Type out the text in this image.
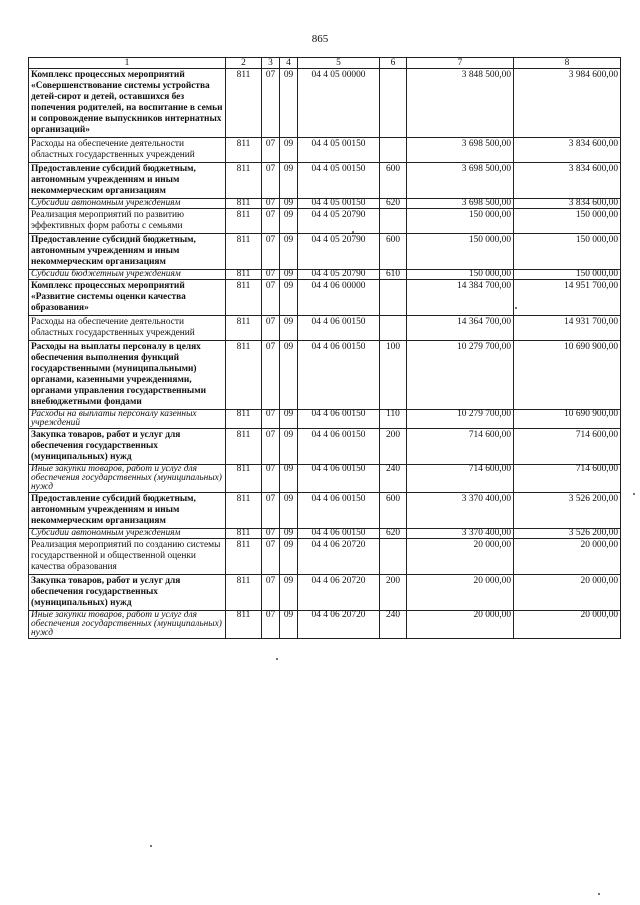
865
1	2	3	4	5	6	7	8
Комплекс процессных мероприятий «Совершенствование системы устройства детей-сирот и детей, оставшихся без попечения родителей, на воспитание в семьи и сопровождение выпускников интернатных организаций»	811	07	09	04 4 05 00000		3 848 500,00	3 984 600,00
Расходы на обеспечение деятельности областных государственных учреждений	811	07	09	04 4 05 00150		3 698 500,00	3 834 600,00
Предоставление субсидий бюджетным, автономным учреждениям и иным некоммерческим организациям	811	07	09	04 4 05 00150	600	3 698 500,00	3 834 600,00
Субсидии автономным учреждениям	811	07	09	04 4 05 00150	620	3 698 500,00	3 834 600,00
Реализация мероприятий по развитию эффективных форм работы с семьями	811	07	09	04 4 05 20790		150 000,00	150 000,00
Предоставление субсидий бюджетным, автономным учреждениям и иным некоммерческим организациям	811	07	09	04 4 05 20790	600	150 000,00	150 000,00
Субсидии бюджетным учреждениям	811	07	09	04 4 05 20790	610	150 000,00	150 000,00
Комплекс процессных мероприятий «Развитие системы оценки качества образования»	811	07	09	04 4 06 00000		14 384 700,00	14 951 700,00
Расходы на обеспечение деятельности областных государственных учреждений	811	07	09	04 4 06 00150		14 364 700,00	14 931 700,00
Расходы на выплаты персоналу в целях обеспечения выполнения функций государственными (муниципальными) органами, казенными учреждениями, органами управления государственными внебюджетными фондами	811	07	09	04 4 06 00150	100	10 279 700,00	10 690 900,00
Расходы на выплаты персоналу казенных учреждений	811	07	09	04 4 06 00150	110	10 279 700,00	10 690 900,00
Закупка товаров, работ и услуг для обеспечения государственных (муниципальных) нужд	811	07	09	04 4 06 00150	200	714 600,00	714 600,00
Иные закупки товаров, работ и услуг для обеспечения государственных (муниципальных) нужд	811	07	09	04 4 06 00150	240	714 600,00	714 600,00
Предоставление субсидий бюджетным, автономным учреждениям и иным некоммерческим организациям	811	07	09	04 4 06 00150	600	3 370 400,00	3 526 200,00
Субсидии автономным учреждениям	811	07	09	04 4 06 00150	620	3 370 400,00	3 526 200,00
Реализация мероприятий по созданию системы государственной и общественной оценки качества образования	811	07	09	04 4 06 20720		20 000,00	20 000,00
Закупка товаров, работ и услуг для обеспечения государственных (муниципальных) нужд	811	07	09	04 4 06 20720	200	20 000,00	20 000,00
Иные закупки товаров, работ и услуг для обеспечения государственных (муниципальных) нужд	811	07	09	04 4 06 20720	240	20 000,00	20 000,00
